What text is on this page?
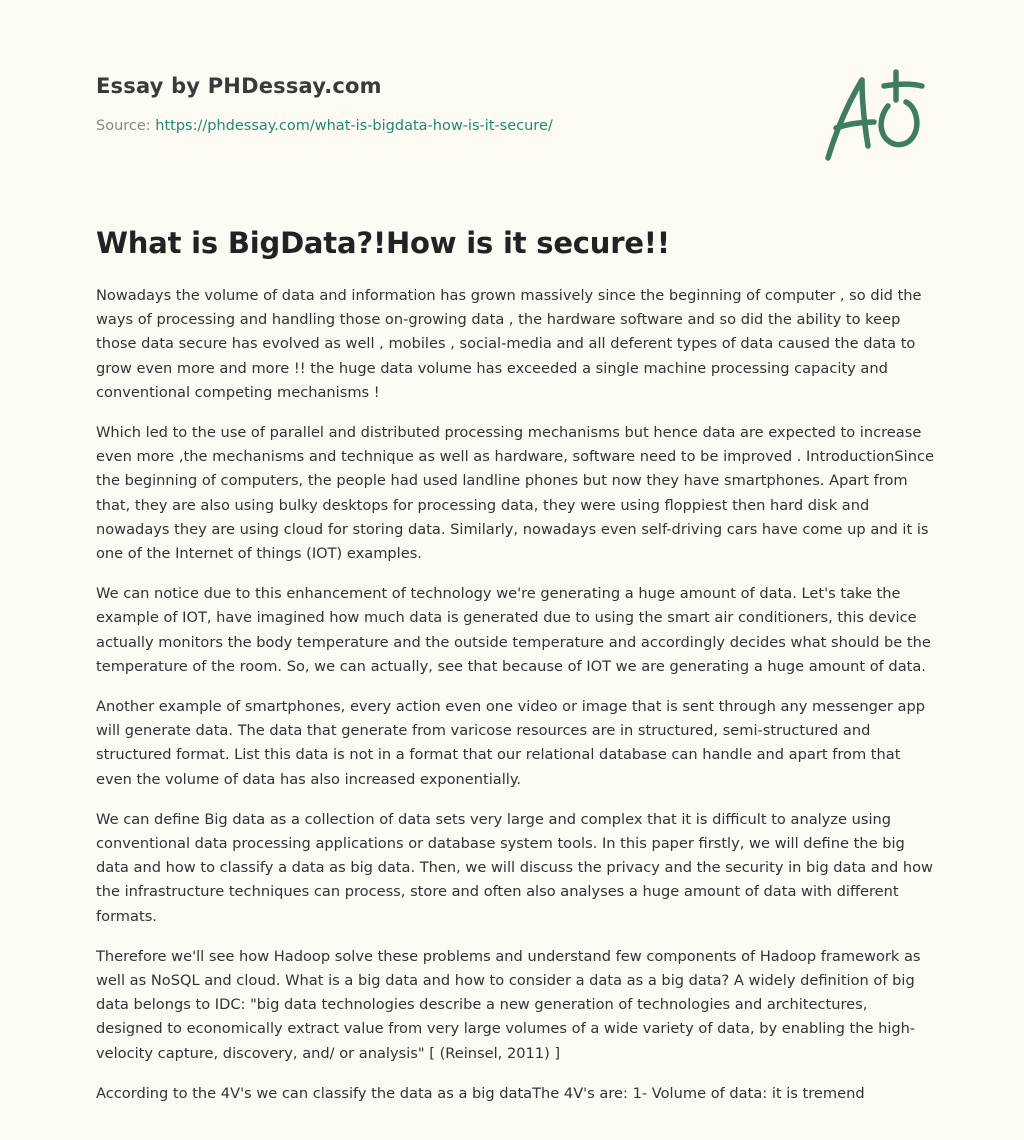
Essay by PHDessay.com
Source: https://phdessay.com/what-is-bigdata-how-is-it-secure/
What is BigData?!How is it secure!!

Nowadays the volume of data and information has grown massively since the beginning of computer , so did the ways of processing and handling those on-growing data , the hardware software and so did the ability to keep those data secure has evolved as well , mobiles , social-media and all deferent types of data caused the data to grow even more and more !! the huge data volume has exceeded a single machine processing capacity and conventional competing mechanisms !

Which led to the use of parallel and distributed processing mechanisms but hence data are expected to increase even more ,the mechanisms and technique as well as hardware, software need to be improved . IntroductionSince the beginning of computers, the people had used landline phones but now they have smartphones. Apart from that, they are also using bulky desktops for processing data, they were using floppiest then hard disk and nowadays they are using cloud for storing data. Similarly, nowadays even self-driving cars have come up and it is one of the Internet of things (IOT) examples.

We can notice due to this enhancement of technology we're generating a huge amount of data. Let's take the example of IOT, have imagined how much data is generated due to using the smart air conditioners, this device actually monitors the body temperature and the outside temperature and accordingly decides what should be the temperature of the room. So, we can actually, see that because of IOT we are generating a huge amount of data.

Another example of smartphones, every action even one video or image that is sent through any messenger app will generate data. The data that generate from varicose resources are in structured, semi-structured and structured format. List this data is not in a format that our relational database can handle and apart from that even the volume of data has also increased exponentially.

We can define Big data as a collection of data sets very large and complex that it is difficult to analyze using conventional data processing applications or database system tools. In this paper firstly, we will define the big data and how to classify a data as big data. Then, we will discuss the privacy and the security in big data and how the infrastructure techniques can process, store and often also analyses a huge amount of data with different formats.

Therefore we'll see how Hadoop solve these problems and understand few components of Hadoop framework as well as NoSQL and cloud. What is a big data and how to consider a data as a big data? A widely definition of big data belongs to IDC: "big data technologies describe a new generation of technologies and architectures, designed to economically extract value from very large volumes of a wide variety of data, by enabling the high-velocity capture, discovery, and/ or analysis" [ (Reinsel, 2011) ]

According to the 4V's we can classify the data as a big dataThe 4V's are: 1- Volume of data: it is tremend
